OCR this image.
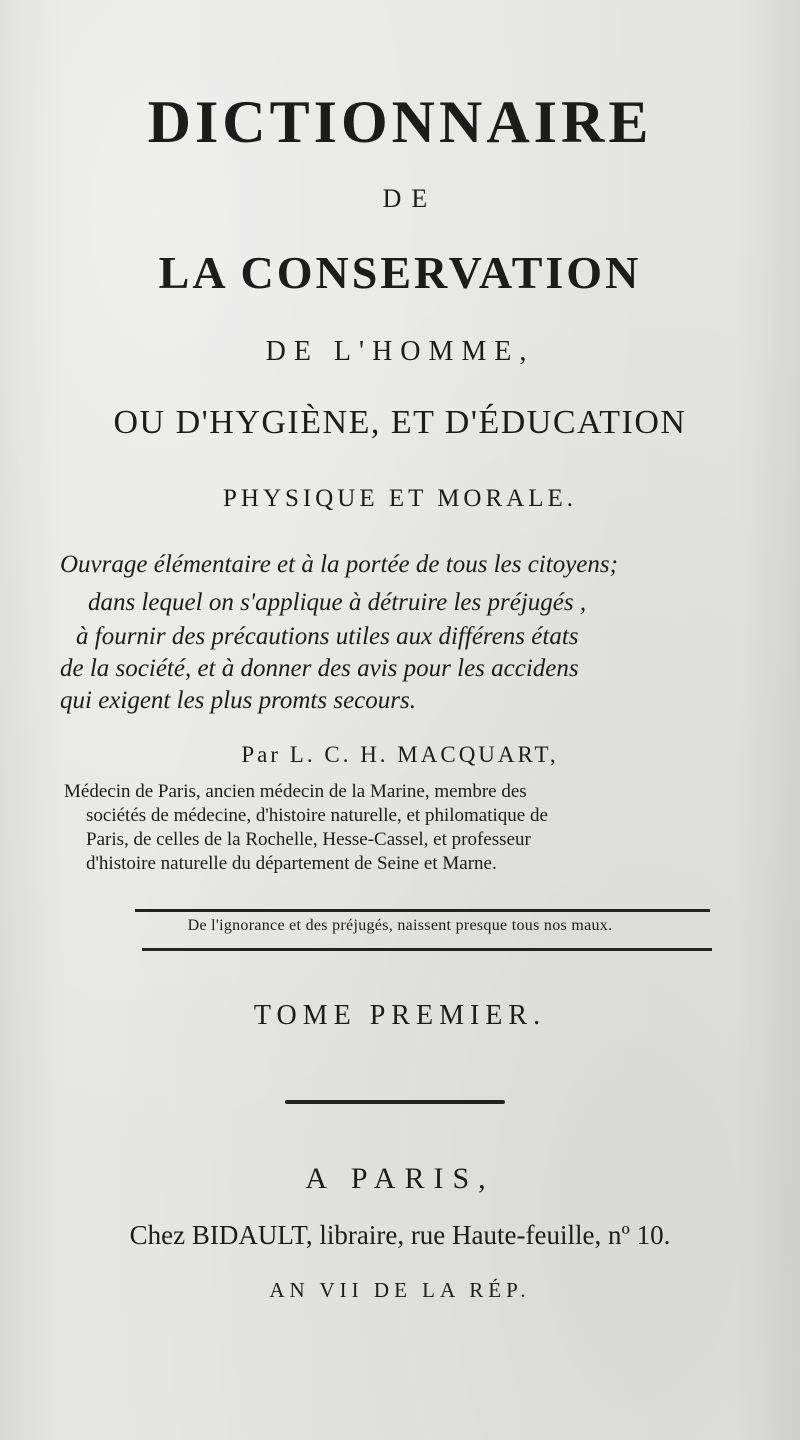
DICTIONNAIRE
DE
LA CONSERVATION
DE L'HOMME,
OU D'HYGIÈNE, ET D'ÉDUCATION
PHYSIQUE ET MORALE.
Ouvrage élémentaire et à la portée de tous les citoyens;
dans lequel on s'applique à détruire les préjugés ,
à fournir des précautions utiles aux différens états
de la société, et à donner des avis pour les accidens
qui exigent les plus promts secours.
Par L. C. H. MACQUART,
Médecin de Paris, ancien médecin de la Marine, membre des
sociétés de médecine, d'histoire naturelle, et philomatique de
Paris, de celles de la Rochelle, Hesse-Cassel, et professeur
d'histoire naturelle du département de Seine et Marne.
De l'ignorance et des préjugés, naissent presque tous nos maux.
TOME PREMIER.
A PARIS,
Chez BIDAULT, libraire, rue Haute-feuille, nº 10.
AN VII DE LA RÉP.
